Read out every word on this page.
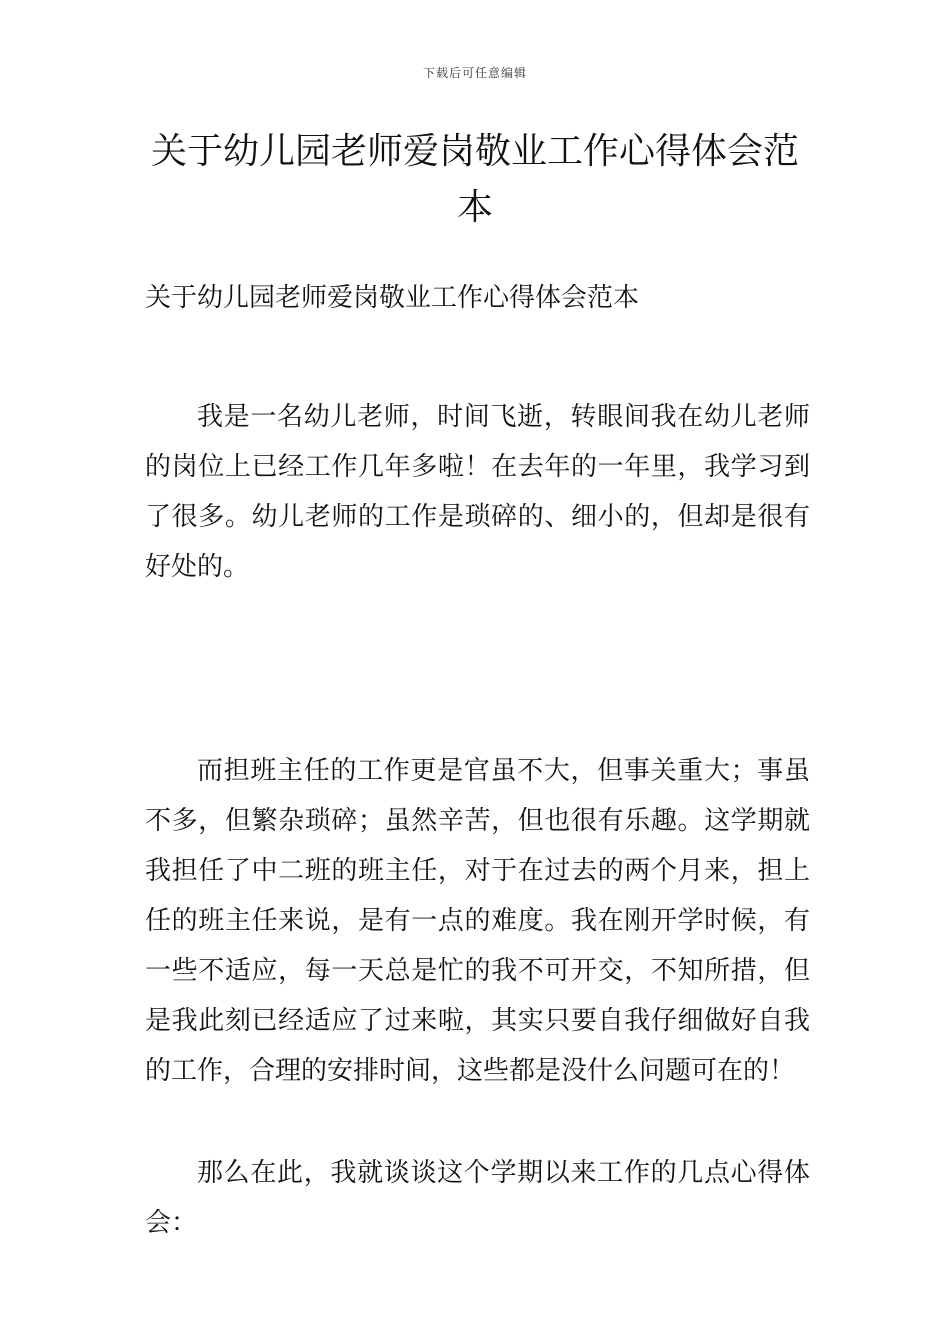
下载后可任意编辑
关于幼儿园老师爱岗敬业工作心得体会范本

关于幼儿园老师爱岗敬业工作心得体会范本

我是一名幼儿老师，时间飞逝，转眼间我在幼儿老师的岗位上已经工作几年多啦！在去年的一年里，我学习到了很多。幼儿老师的工作是琐碎的、细小的，但却是很有好处的。

而担班主任的工作更是官虽不大，但事关重大；事虽不多，但繁杂琐碎；虽然辛苦，但也很有乐趣。这学期就我担任了中二班的班主任，对于在过去的两个月来，担上任的班主任来说，是有一点的难度。我在刚开学时候，有一些不适应，每一天总是忙的我不可开交，不知所措，但是我此刻已经适应了过来啦，其实只要自我仔细做好自我的工作，合理的安排时间，这些都是没什么问题可在的！

那么在此，我就谈谈这个学期以来工作的几点心得体会：
